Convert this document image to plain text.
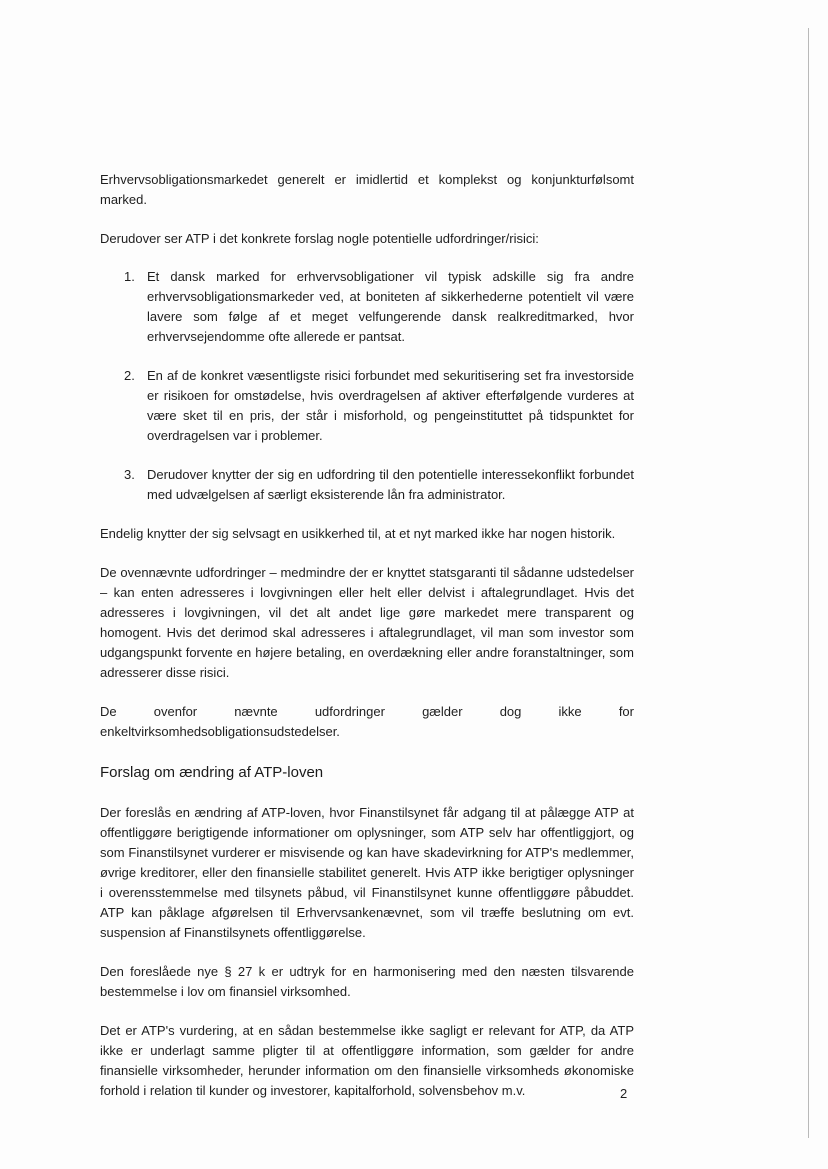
Erhvervsobligationsmarkedet generelt er imidlertid et komplekst og konjunkturfølsomt marked.

Derudover ser ATP i det konkrete forslag nogle potentielle udfordringer/risici:

1. Et dansk marked for erhvervsobligationer vil typisk adskille sig fra andre erhvervsobligationsmarkeder ved, at boniteten af sikkerhederne potentielt vil være lavere som følge af et meget velfungerende dansk realkreditmarked, hvor erhvervsejendomme ofte allerede er pantsat.

2. En af de konkret væsentligste risici forbundet med sekuritisering set fra investorside er risikoen for omstødelse, hvis overdragelsen af aktiver efterfølgende vurderes at være sket til en pris, der står i misforhold, og pengeinstituttet på tidspunktet for overdragelsen var i problemer.

3. Derudover knytter der sig en udfordring til den potentielle interessekonflikt forbundet med udvælgelsen af særligt eksisterende lån fra administrator.

Endelig knytter der sig selvsagt en usikkerhed til, at et nyt marked ikke har nogen historik.

De ovennævnte udfordringer – medmindre der er knyttet statsgaranti til sådanne udstedelser – kan enten adresseres i lovgivningen eller helt eller delvist i aftalegrundlaget. Hvis det adresseres i lovgivningen, vil det alt andet lige gøre markedet mere transparent og homogent. Hvis det derimod skal adresseres i aftalegrundlaget, vil man som investor som udgangspunkt forvente en højere betaling, en overdækning eller andre foranstaltninger, som adresserer disse risici.

De ovenfor nævnte udfordringer gælder dog ikke for enkeltvirksomhedsobligationsudstedelser.

Forslag om ændring af ATP-loven

Der foreslås en ændring af ATP-loven, hvor Finanstilsynet får adgang til at pålægge ATP at offentliggøre berigtigende informationer om oplysninger, som ATP selv har offentliggjort, og som Finanstilsynet vurderer er misvisende og kan have skadevirkning for ATP's medlemmer, øvrige kreditorer, eller den finansielle stabilitet generelt. Hvis ATP ikke berigtiger oplysninger i overensstemmelse med tilsynets påbud, vil Finanstilsynet kunne offentliggøre påbuddet. ATP kan påklage afgørelsen til Erhvervsankenævnet, som vil træffe beslutning om evt. suspension af Finanstilsynets offentliggørelse.

Den foreslåede nye § 27 k er udtryk for en harmonisering med den næsten tilsvarende bestemmelse i lov om finansiel virksomhed.

Det er ATP's vurdering, at en sådan bestemmelse ikke sagligt er relevant for ATP, da ATP ikke er underlagt samme pligter til at offentliggøre information, som gælder for andre finansielle virksomheder, herunder information om den finansielle virksomheds økonomiske forhold i relation til kunder og investorer, kapitalforhold, solvensbehov m.v.	2
